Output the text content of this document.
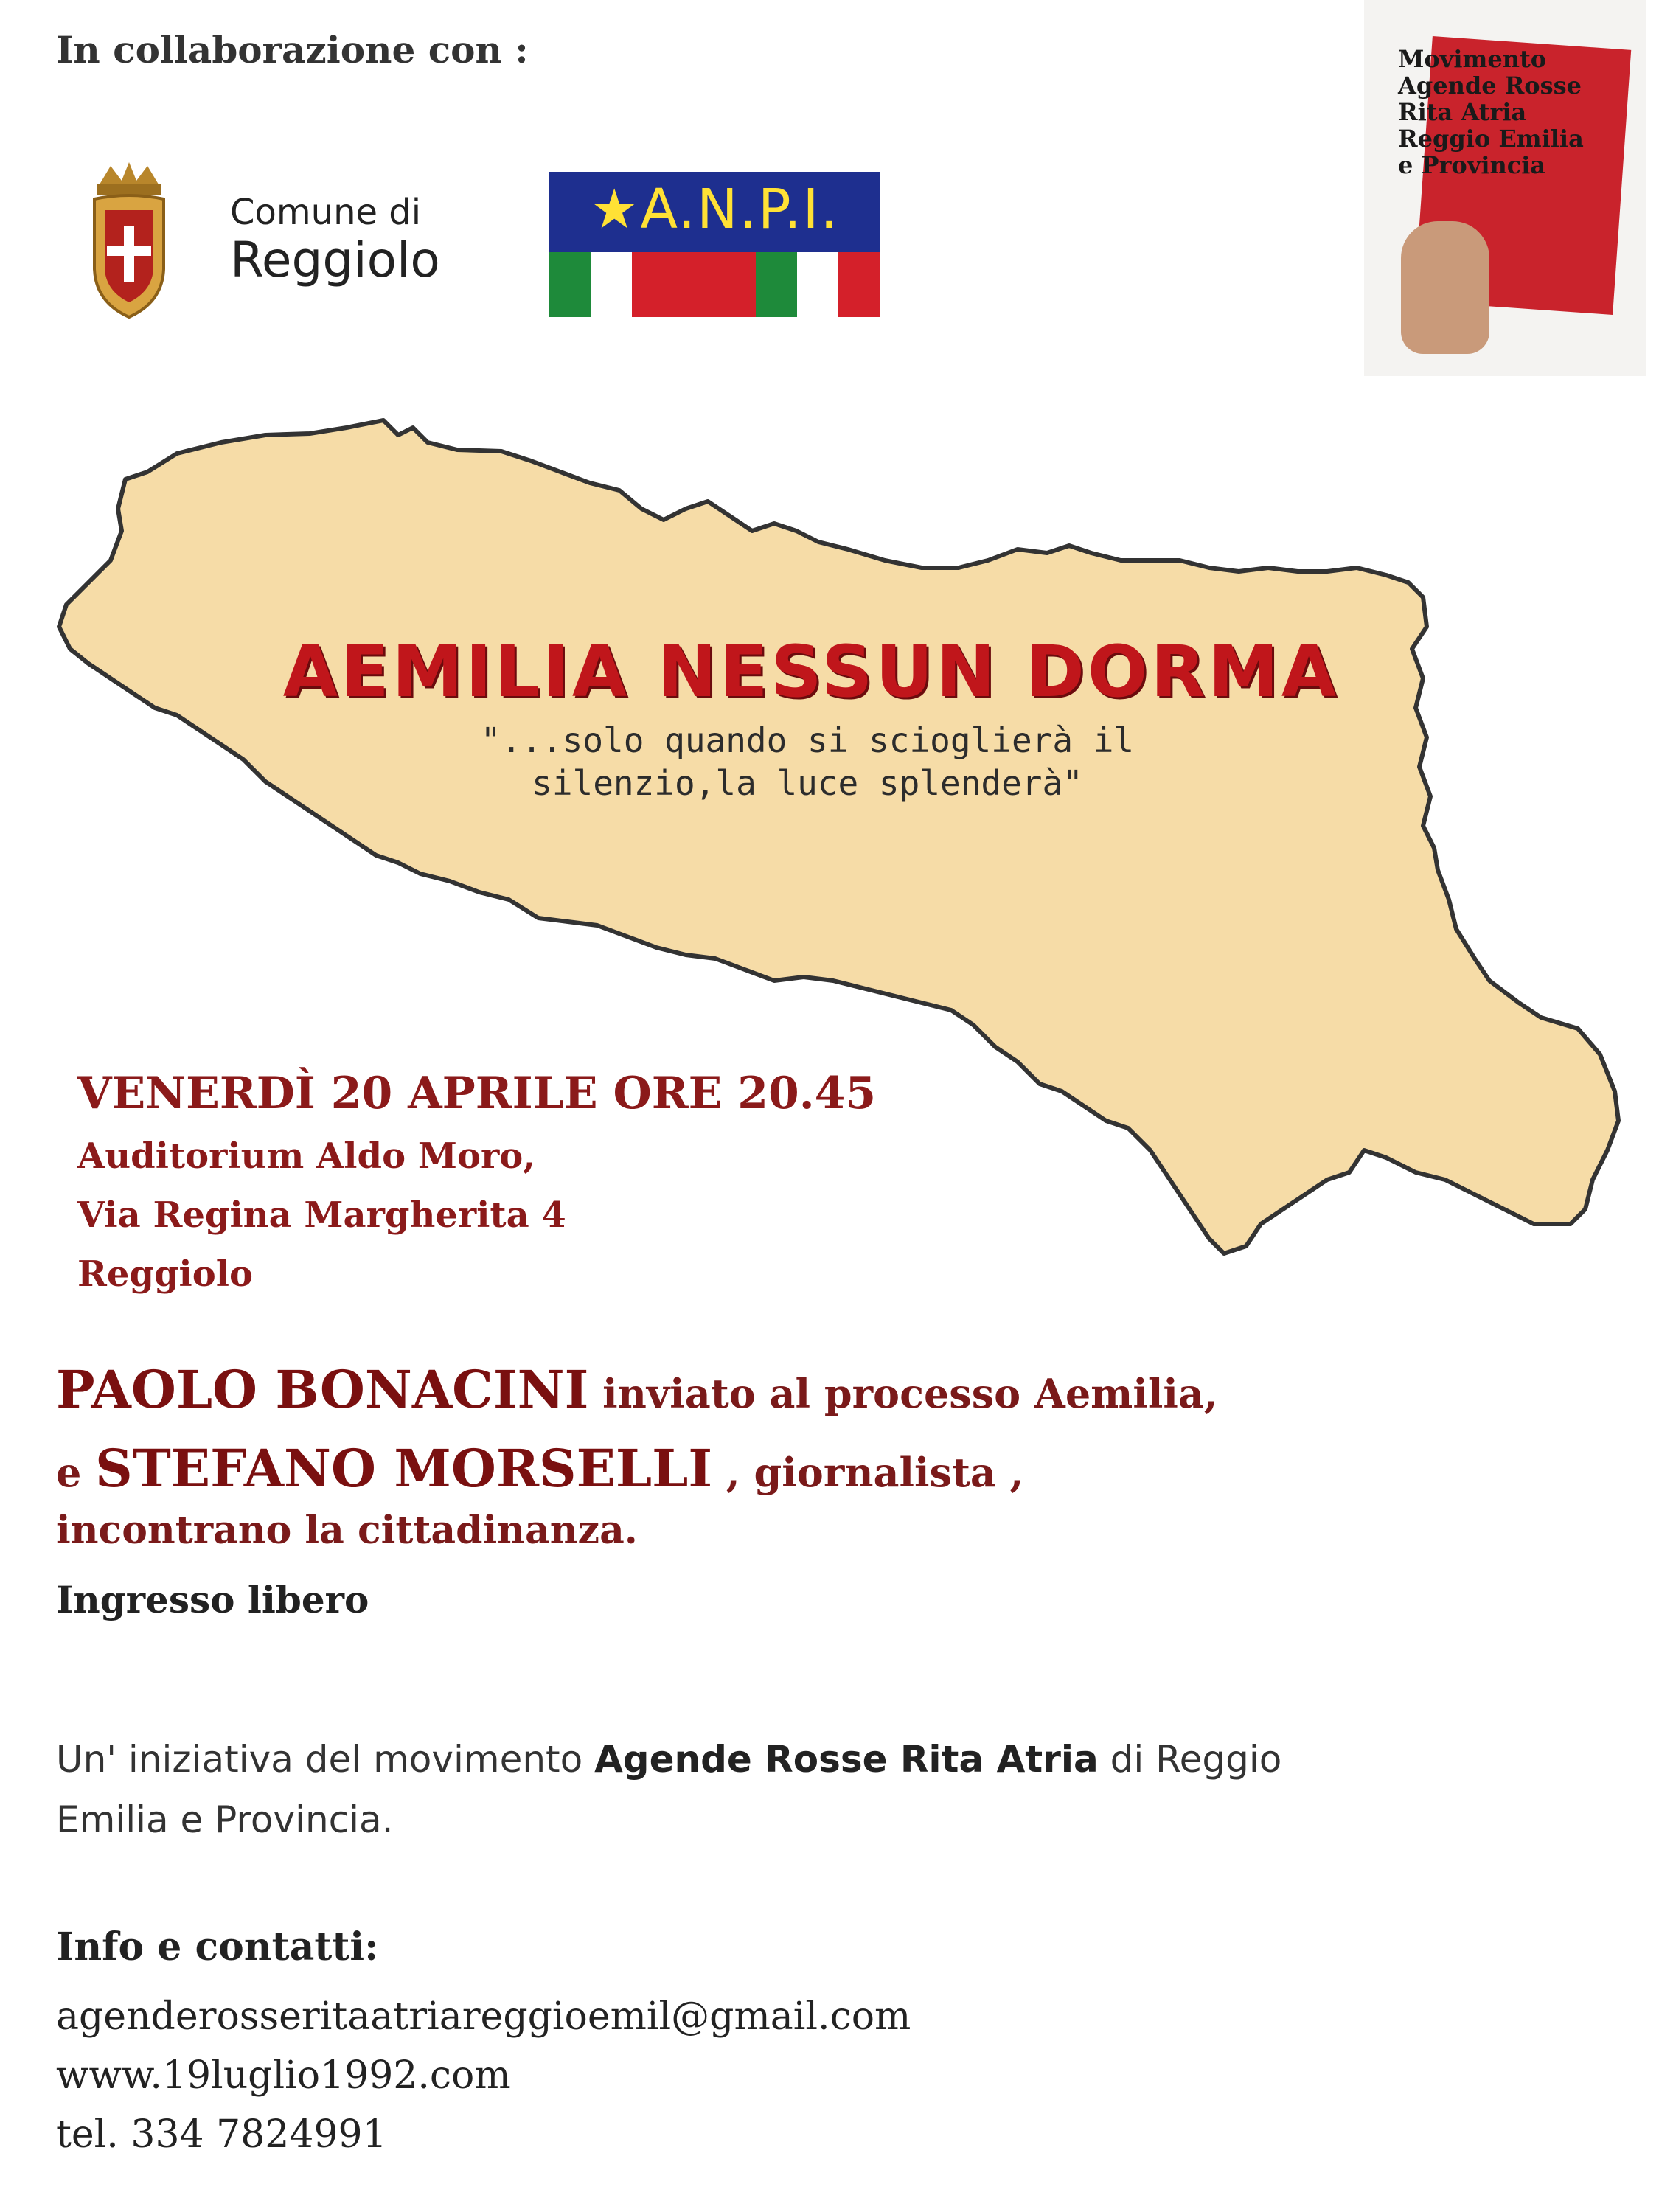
In collaborazione con :
Comune di
Reggiolo
★A.N.P.I.
Movimento
Agende Rosse
Rita Atria
Reggio Emilia
e Provincia
AEMILIA NESSUN DORMA
"...solo quando si scioglierà il
silenzio,la luce splenderà"
VENERDÌ 20 APRILE ORE 20.45
Auditorium Aldo Moro,
Via Regina Margherita 4
Reggiolo
PAOLO BONACINI inviato al processo Aemilia,
e STEFANO MORSELLI , giornalista ,
incontrano la cittadinanza.
Ingresso libero
Un' iniziativa del movimento Agende Rosse Rita Atria di Reggio
Emilia e Provincia.
Info e contatti:
agenderosseritaatriareggioemil@gmail.com
www.19luglio1992.com
tel. 334 7824991
